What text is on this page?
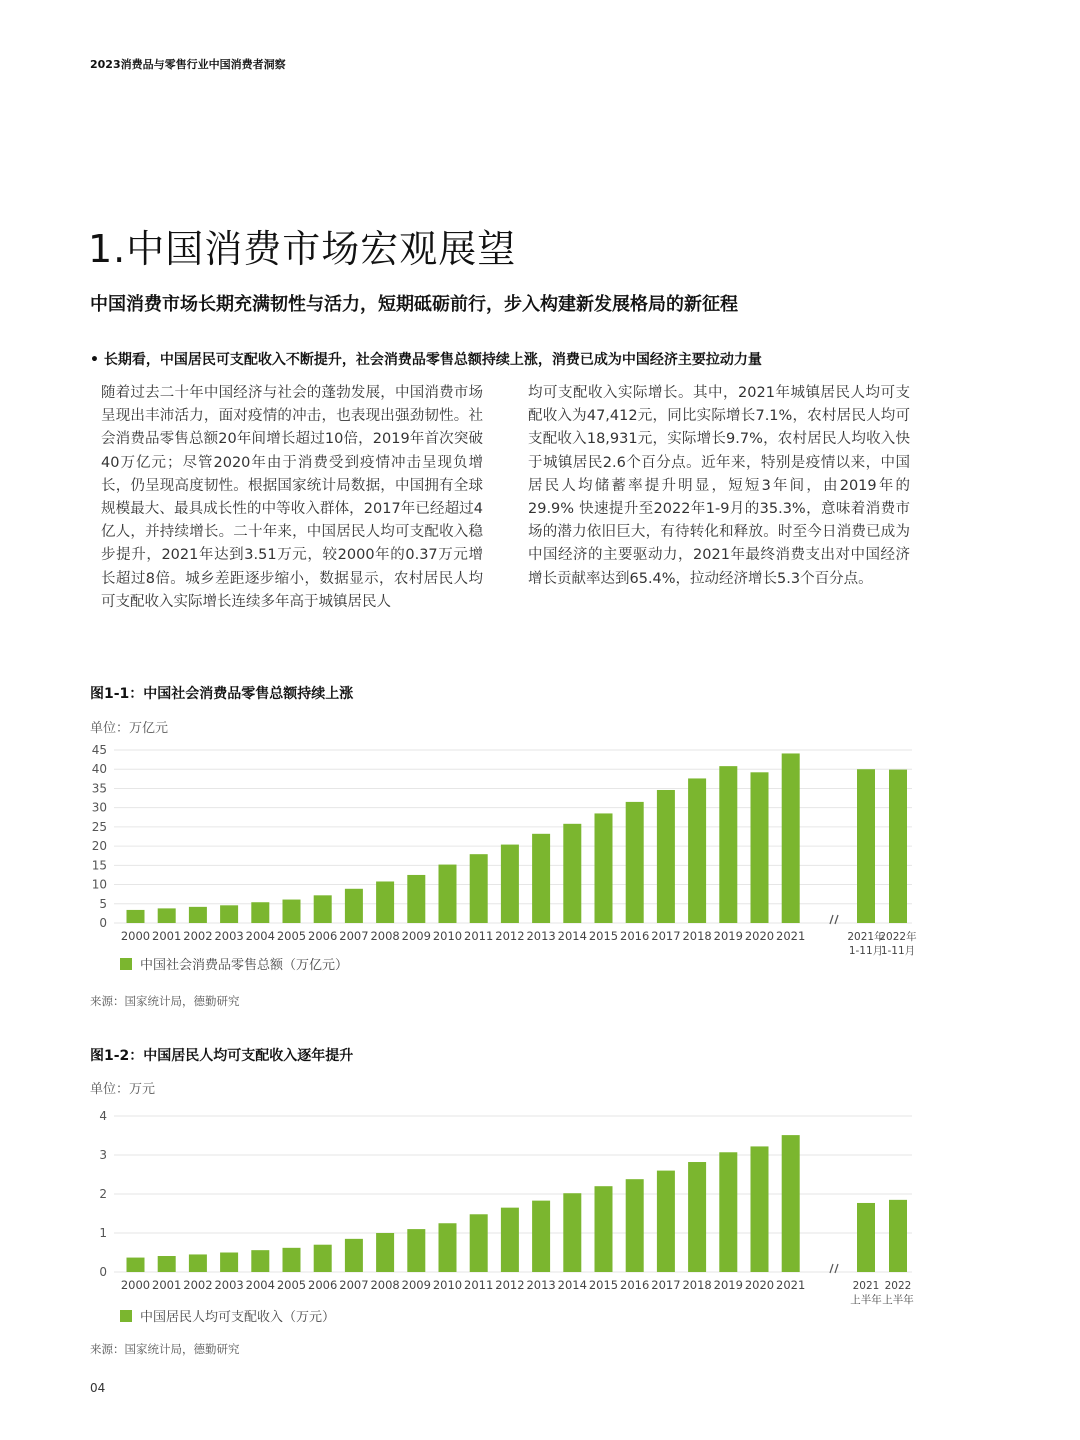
2023消费品与零售行业中国消费者洞察
1.中国消费市场宏观展望
中国消费市场长期充满韧性与活力，短期砥砺前行，步入构建新发展格局的新征程
• 长期看，中国居民可支配收入不断提升，社会消费品零售总额持续上涨，消费已成为中国经济主要拉动力量
随着过去二十年中国经济与社会的蓬勃发展，中国消费市场呈现出丰沛活力，面对疫情的冲击，也表现出强劲韧性。社会消费品零售总额20年间增长超过10倍，2019年首次突破40万亿元；尽管2020年由于消费受到疫情冲击呈现负增长，仍呈现高度韧性。根据国家统计局数据，中国拥有全球规模最大、最具成长性的中等收入群体，2017年已经超过4亿人，并持续增长。二十年来，中国居民人均可支配收入稳步提升，2021年达到3.51万元，较2000年的0.37万元增长超过8倍。城乡差距逐步缩小，数据显示，农村居民人均可支配收入实际增长连续多年高于城镇居民人
均可支配收入实际增长。其中，2021年城镇居民人均可支配收入为47,412元，同比实际增长7.1%，农村居民人均可支配收入18,931元，实际增长9.7%，农村居民人均收入快于城镇居民2.6个百分点。近年来，特别是疫情以来，中国居民人均储蓄率提升明显，短短3年间，由2019年的29.9% 快速提升至2022年1-9月的35.3%，意味着消费市场的潜力依旧巨大，有待转化和释放。时至今日消费已成为中国经济的主要驱动力，2021年最终消费支出对中国经济增长贡献率达到65.4%，拉动经济增长5.3个百分点。
图1-1：中国社会消费品零售总额持续上涨
单位：万亿元
0
5
10
15
20
25
30
35
40
45
2000 2001 2002 2003 2004 2005 2006 2007 2008 2009 2010 2011 2012 2013 2014 2015 2016 2017 2018 2019 2020 2021	2021年
1-11月
2022年
1-11月
中国社会消费品零售总额（万亿元）
来源：国家统计局，德勤研究
图1-2：中国居民人均可支配收入逐年提升
单位：万元
0
1
2
3
4
2000 2001 2002 2003 2004 2005 2006 2007 2008 2009 2010 2011 2012 2013 2014 2015 2016 2017 2018 2019 2020 2021	2021
上半年
2022
上半年
中国居民人均可支配收入（万元）
来源：国家统计局，德勤研究
04
